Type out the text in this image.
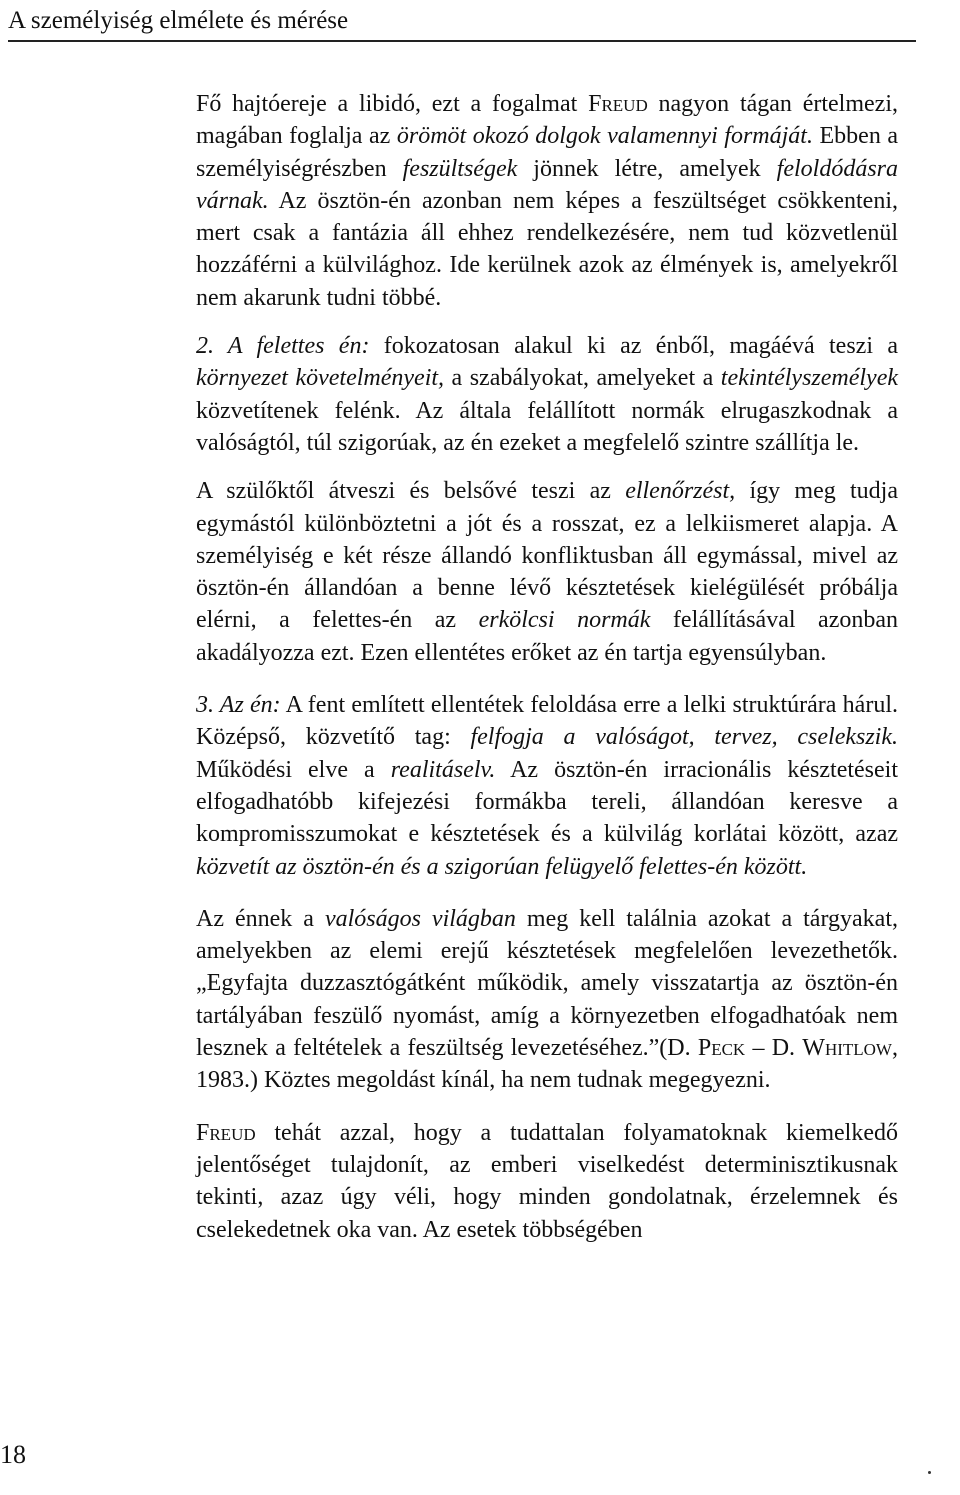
A személyiség elmélete és mérése

Fő hajtóereje a libidó, ezt a fogalmat Freud nagyon tágan értelmezi, magában foglalja az örömöt okozó dolgok valamennyi formáját. Ebben a személyiségrészben feszültségek jönnek létre, amelyek feloldódásra várnak. Az ösztön-én azonban nem képes a feszültséget csökkenteni, mert csak a fantázia áll ehhez rendelkezésére, nem tud közvetlenül hozzáférni a külvilághoz. Ide kerülnek azok az élmények is, amelyekről nem akarunk tudni többé.

2. A felettes én: fokozatosan alakul ki az énből, magáévá teszi a környezet követelményeit, a szabályokat, amelyeket a tekintélyszemélyek közvetítenek felénk. Az általa felállított normák elrugaszkodnak a valóságtól, túl szigorúak, az én ezeket a megfelelő szintre szállítja le.

A szülőktől átveszi és belsővé teszi az ellenőrzést, így meg tudja egymástól különböztetni a jót és a rosszat, ez a lelkiismeret alapja. A személyiség e két része állandó konfliktusban áll egymással, mivel az ösztön-én állandóan a benne lévő késztetések kielégülését próbálja elérni, a felettes-én az erkölcsi normák felállításával azonban akadályozza ezt. Ezen ellentétes erőket az én tartja egyensúlyban.

3. Az én: A fent említett ellentétek feloldása erre a lelki struktúrára hárul. Középső, közvetítő tag: felfogja a valóságot, tervez, cselekszik. Működési elve a realitáselv. Az ösztön-én irracionális késztetéseit elfogadhatóbb kifejezési formákba tereli, állandóan keresve a kompromisszumokat e késztetések és a külvilág korlátai között, azaz közvetít az ösztön-én és a szigorúan felügyelő felettes-én között.

Az énnek a valóságos világban meg kell találnia azokat a tárgyakat, amelyekben az elemi erejű késztetések megfelelően levezethetők. „Egyfajta duzzasztógátként működik, amely visszatartja az ösztön-én tartályában feszülő nyomást, amíg a környezetben elfogadhatóak nem lesznek a feltételek a feszültség levezetéséhez.”(D. Peck – D. Whitlow, 1983.) Köztes megoldást kínál, ha nem tudnak megegyezni.

Freud tehát azzal, hogy a tudattalan folyamatoknak kiemelkedő jelentőséget tulajdonít, az emberi viselkedést determinisztikusnak tekinti, azaz úgy véli, hogy minden gondolatnak, érzelemnek és cselekedetnek oka van. Az esetek többségében

18
